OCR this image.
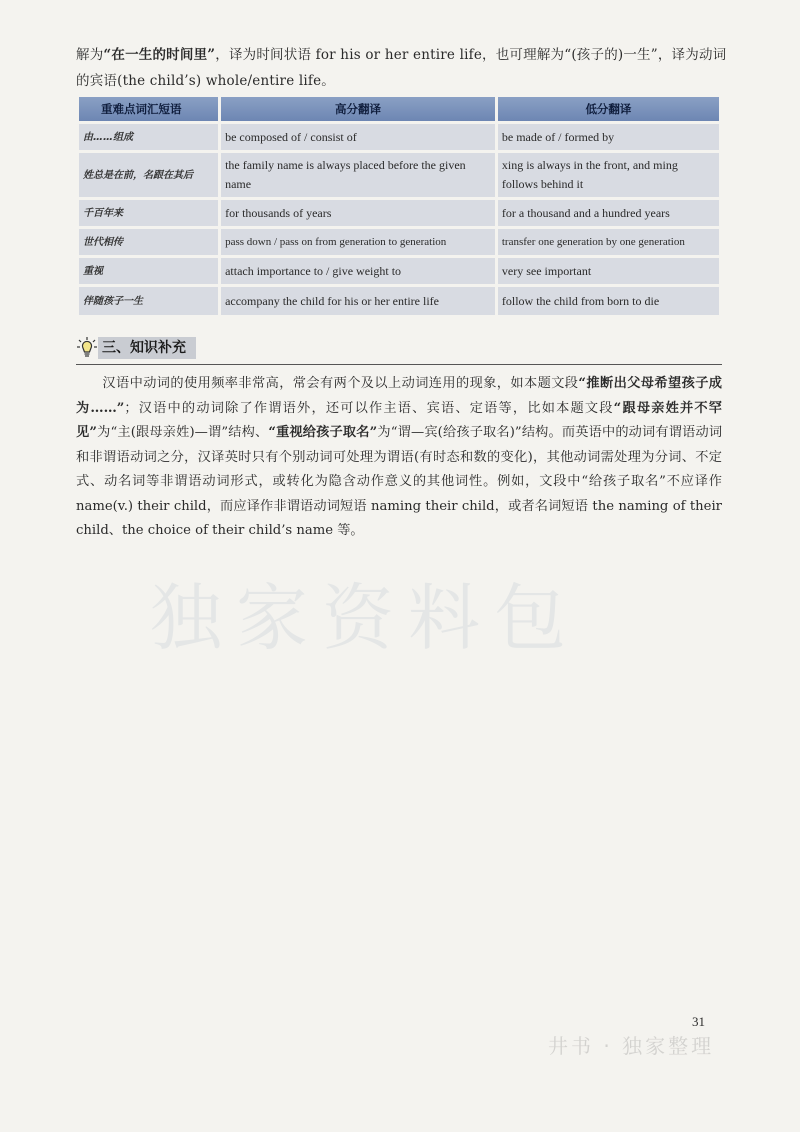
解为“在一生的时间里”，译为时间状语 for his or her entire life，也可理解为“(孩子的)一生”，译为动词的宾语(the child’s) whole/entire life。
重难点词汇短语	高分翻译	低分翻译
由……组成	be composed of / consist of	be made of / formed by
姓总是在前，名跟在其后	the family name is always placed before the given name	xing is always in the front, and ming follows behind it
千百年来	for thousands of years	for a thousand and a hundred years
世代相传	pass down / pass on from generation to generation	transfer one generation by one generation
重视	attach importance to / give weight to	very see important
伴随孩子一生	accompany the child for his or her entire life	follow the child from born to die
三、知识补充
汉语中动词的使用频率非常高，常会有两个及以上动词连用的现象，如本题文段“推断出父母希望孩子成为……”；汉语中的动词除了作谓语外，还可以作主语、宾语、定语等，比如本题文段“跟母亲姓并不罕见”为“主(跟母亲姓)—谓”结构、“重视给孩子取名”为“谓—宾(给孩子取名)”结构。而英语中的动词有谓语动词和非谓语动词之分，汉译英时只有个别动词可处理为谓语(有时态和数的变化)，其他动词需处理为分词、不定式、动名词等非谓语动词形式，或转化为隐含动作意义的其他词性。例如，文段中“给孩子取名”不应译作 name(v.) their child，而应译作非谓语动词短语 naming their child，或者名词短语 the naming of their child、the choice of their child’s name 等。
独家资料包
31
井书 · 独家整理
